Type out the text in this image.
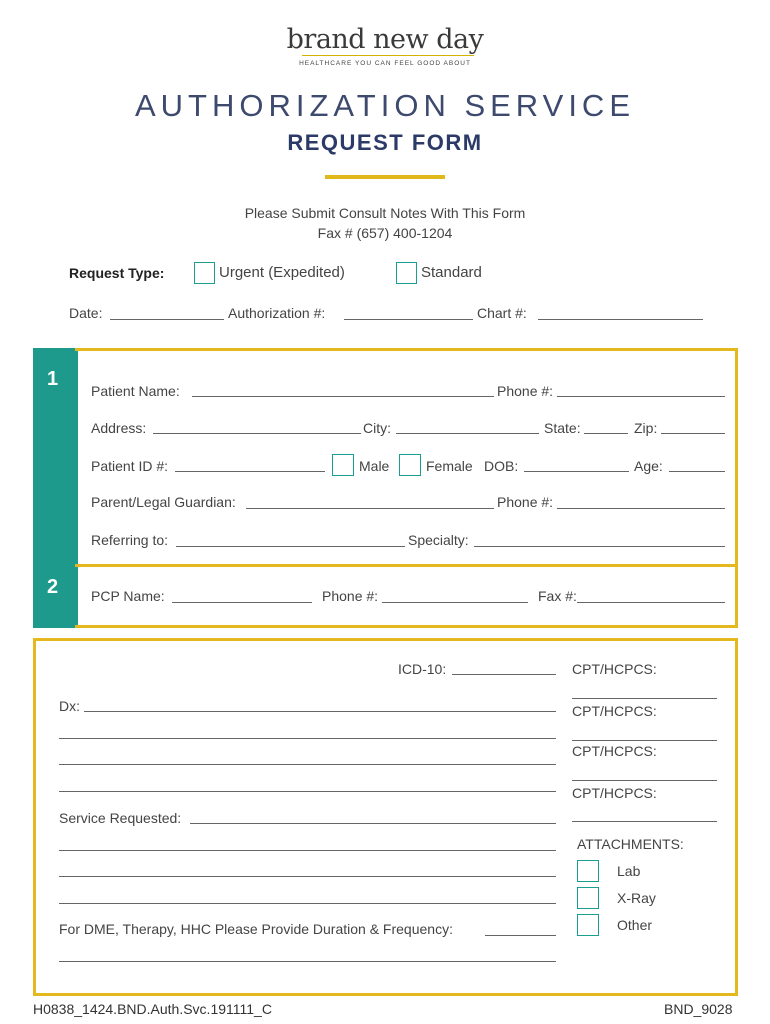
brand new day
HEALTHCARE YOU CAN FEEL GOOD ABOUT
AUTHORIZATION SERVICE
REQUEST FORM
Please Submit Consult Notes With This Form
Fax # (657) 400-1204
Request Type:	Urgent (Expedited)	Standard
Date:	Authorization #:	Chart #:
1
2
Patient Name:	Phone #:
Address:	City:	State:	Zip:
Patient ID #:	Male	Female DOB:	Age:
Parent/Legal Guardian:	Phone #:
Referring to:	Specialty:
PCP Name:	Phone #:	Fax #:
ICD-10:	CPT/HCPCS:
CPT/HCPCS:
CPT/HCPCS:
CPT/HCPCS:
Dx:
Service Requested:
For DME, Therapy, HHC Please Provide Duration & Frequency:
ATTACHMENTS:
Lab
X-Ray
Other
H0838_1424.BND.Auth.Svc.191111_C	BND_9028
